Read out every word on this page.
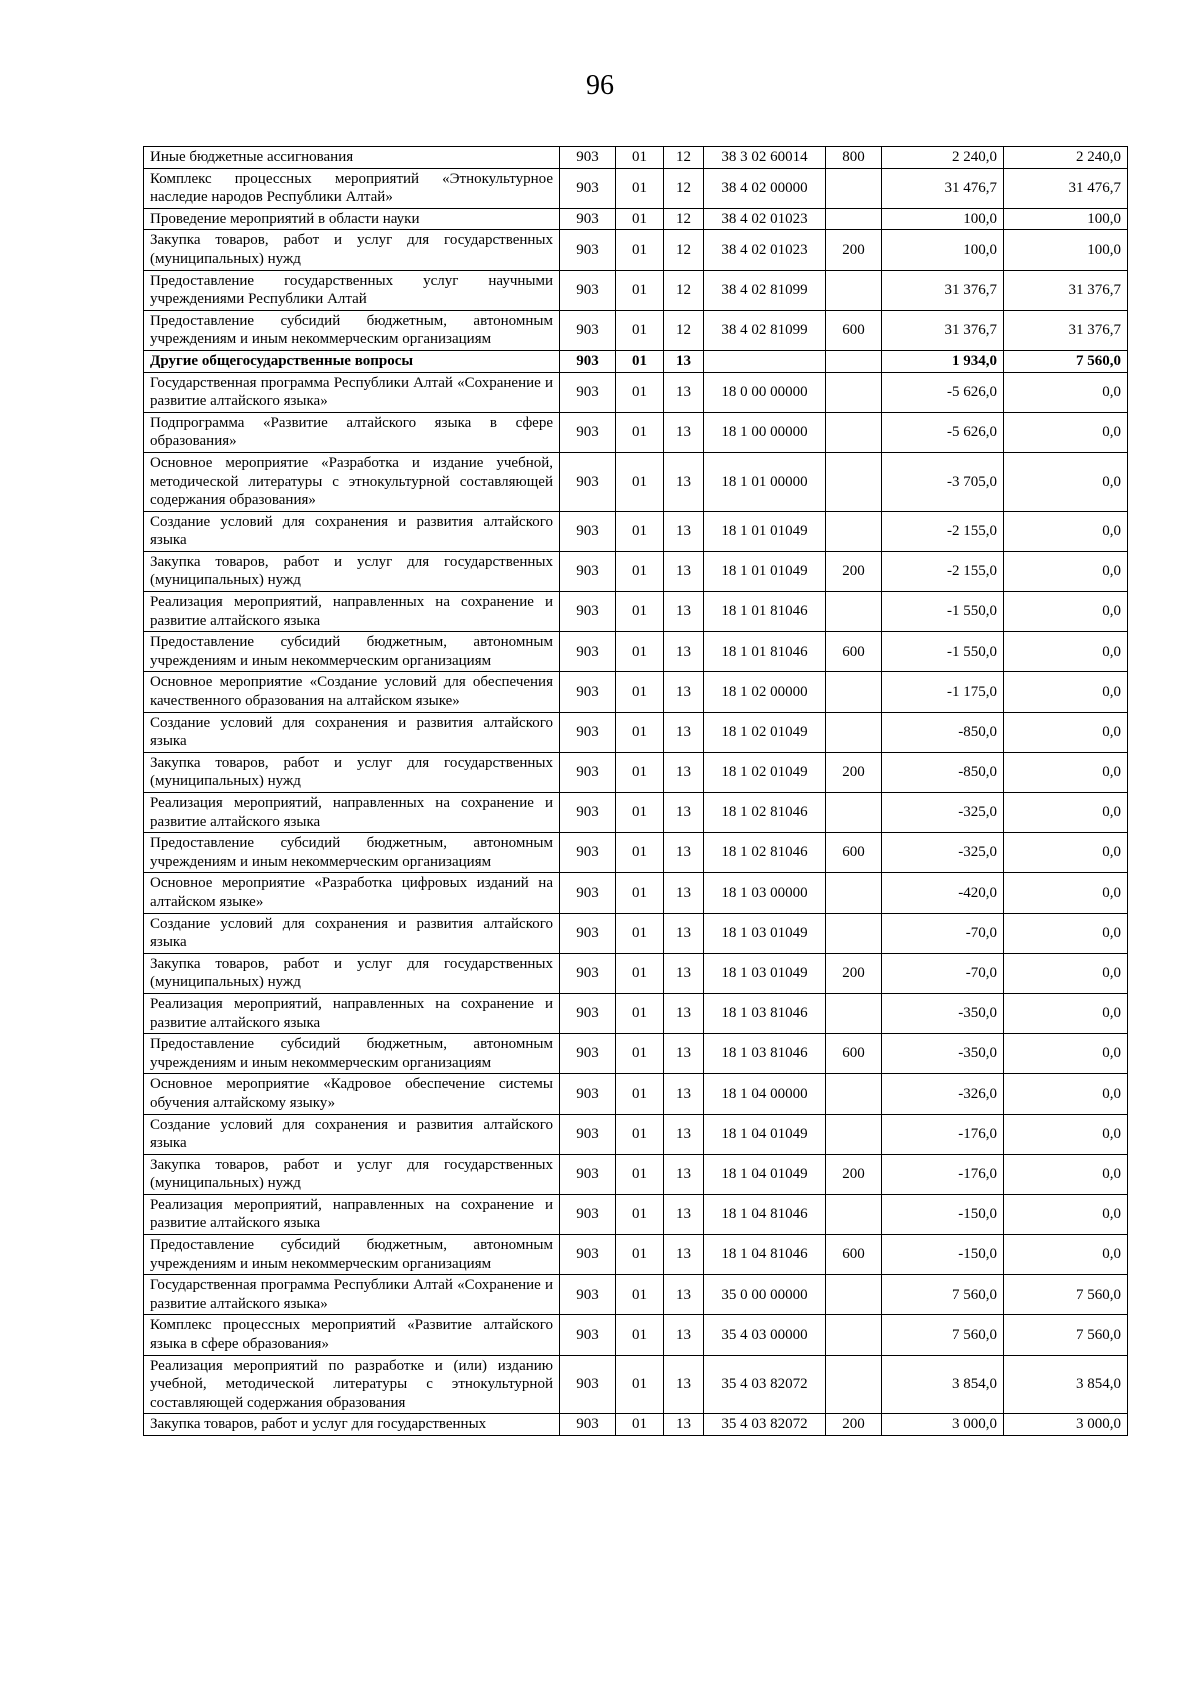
96
Иные бюджетные ассигнования	903	01	12	38 3 02 60014	800	2 240,0	2 240,0
Комплекс процессных мероприятий «Этнокультурное наследие народов Республики Алтай»	903	01	12	38 4 02 00000		31 476,7	31 476,7
Проведение мероприятий в области науки	903	01	12	38 4 02 01023		100,0	100,0
Закупка товаров, работ и услуг для государственных (муниципальных) нужд	903	01	12	38 4 02 01023	200	100,0	100,0
Предоставление государственных услуг научными учреждениями Республики Алтай	903	01	12	38 4 02 81099		31 376,7	31 376,7
Предоставление субсидий бюджетным, автономным учреждениям и иным некоммерческим организациям	903	01	12	38 4 02 81099	600	31 376,7	31 376,7
Другие общегосударственные вопросы	903	01	13			1 934,0	7 560,0
Государственная программа Республики Алтай «Сохранение и развитие алтайского языка»	903	01	13	18 0 00 00000		-5 626,0	0,0
Подпрограмма «Развитие алтайского языка в сфере образования»	903	01	13	18 1 00 00000		-5 626,0	0,0
Основное мероприятие «Разработка и издание учебной, методической литературы с этнокультурной составляющей содержания образования»	903	01	13	18 1 01 00000		-3 705,0	0,0
Создание условий для сохранения и развития алтайского языка	903	01	13	18 1 01 01049		-2 155,0	0,0
Закупка товаров, работ и услуг для государственных (муниципальных) нужд	903	01	13	18 1 01 01049	200	-2 155,0	0,0
Реализация мероприятий, направленных на сохранение и развитие алтайского языка	903	01	13	18 1 01 81046		-1 550,0	0,0
Предоставление субсидий бюджетным, автономным учреждениям и иным некоммерческим организациям	903	01	13	18 1 01 81046	600	-1 550,0	0,0
Основное мероприятие «Создание условий для обеспечения качественного образования на алтайском языке»	903	01	13	18 1 02 00000		-1 175,0	0,0
Создание условий для сохранения и развития алтайского языка	903	01	13	18 1 02 01049		-850,0	0,0
Закупка товаров, работ и услуг для государственных (муниципальных) нужд	903	01	13	18 1 02 01049	200	-850,0	0,0
Реализация мероприятий, направленных на сохранение и развитие алтайского языка	903	01	13	18 1 02 81046		-325,0	0,0
Предоставление субсидий бюджетным, автономным учреждениям и иным некоммерческим организациям	903	01	13	18 1 02 81046	600	-325,0	0,0
Основное мероприятие «Разработка цифровых изданий на алтайском языке»	903	01	13	18 1 03 00000		-420,0	0,0
Создание условий для сохранения и развития алтайского языка	903	01	13	18 1 03 01049		-70,0	0,0
Закупка товаров, работ и услуг для государственных (муниципальных) нужд	903	01	13	18 1 03 01049	200	-70,0	0,0
Реализация мероприятий, направленных на сохранение и развитие алтайского языка	903	01	13	18 1 03 81046		-350,0	0,0
Предоставление субсидий бюджетным, автономным учреждениям и иным некоммерческим организациям	903	01	13	18 1 03 81046	600	-350,0	0,0
Основное мероприятие «Кадровое обеспечение системы обучения алтайскому языку»	903	01	13	18 1 04 00000		-326,0	0,0
Создание условий для сохранения и развития алтайского языка	903	01	13	18 1 04 01049		-176,0	0,0
Закупка товаров, работ и услуг для государственных (муниципальных) нужд	903	01	13	18 1 04 01049	200	-176,0	0,0
Реализация мероприятий, направленных на сохранение и развитие алтайского языка	903	01	13	18 1 04 81046		-150,0	0,0
Предоставление субсидий бюджетным, автономным учреждениям и иным некоммерческим организациям	903	01	13	18 1 04 81046	600	-150,0	0,0
Государственная программа Республики Алтай «Сохранение и развитие алтайского языка»	903	01	13	35 0 00 00000		7 560,0	7 560,0
Комплекс процессных мероприятий «Развитие алтайского языка в сфере образования»	903	01	13	35 4 03 00000		7 560,0	7 560,0
Реализация мероприятий по разработке и (или) изданию учебной, методической литературы с этнокультурной составляющей содержания образования	903	01	13	35 4 03 82072		3 854,0	3 854,0
Закупка товаров, работ и услуг для государственных	903	01	13	35 4 03 82072	200	3 000,0	3 000,0
